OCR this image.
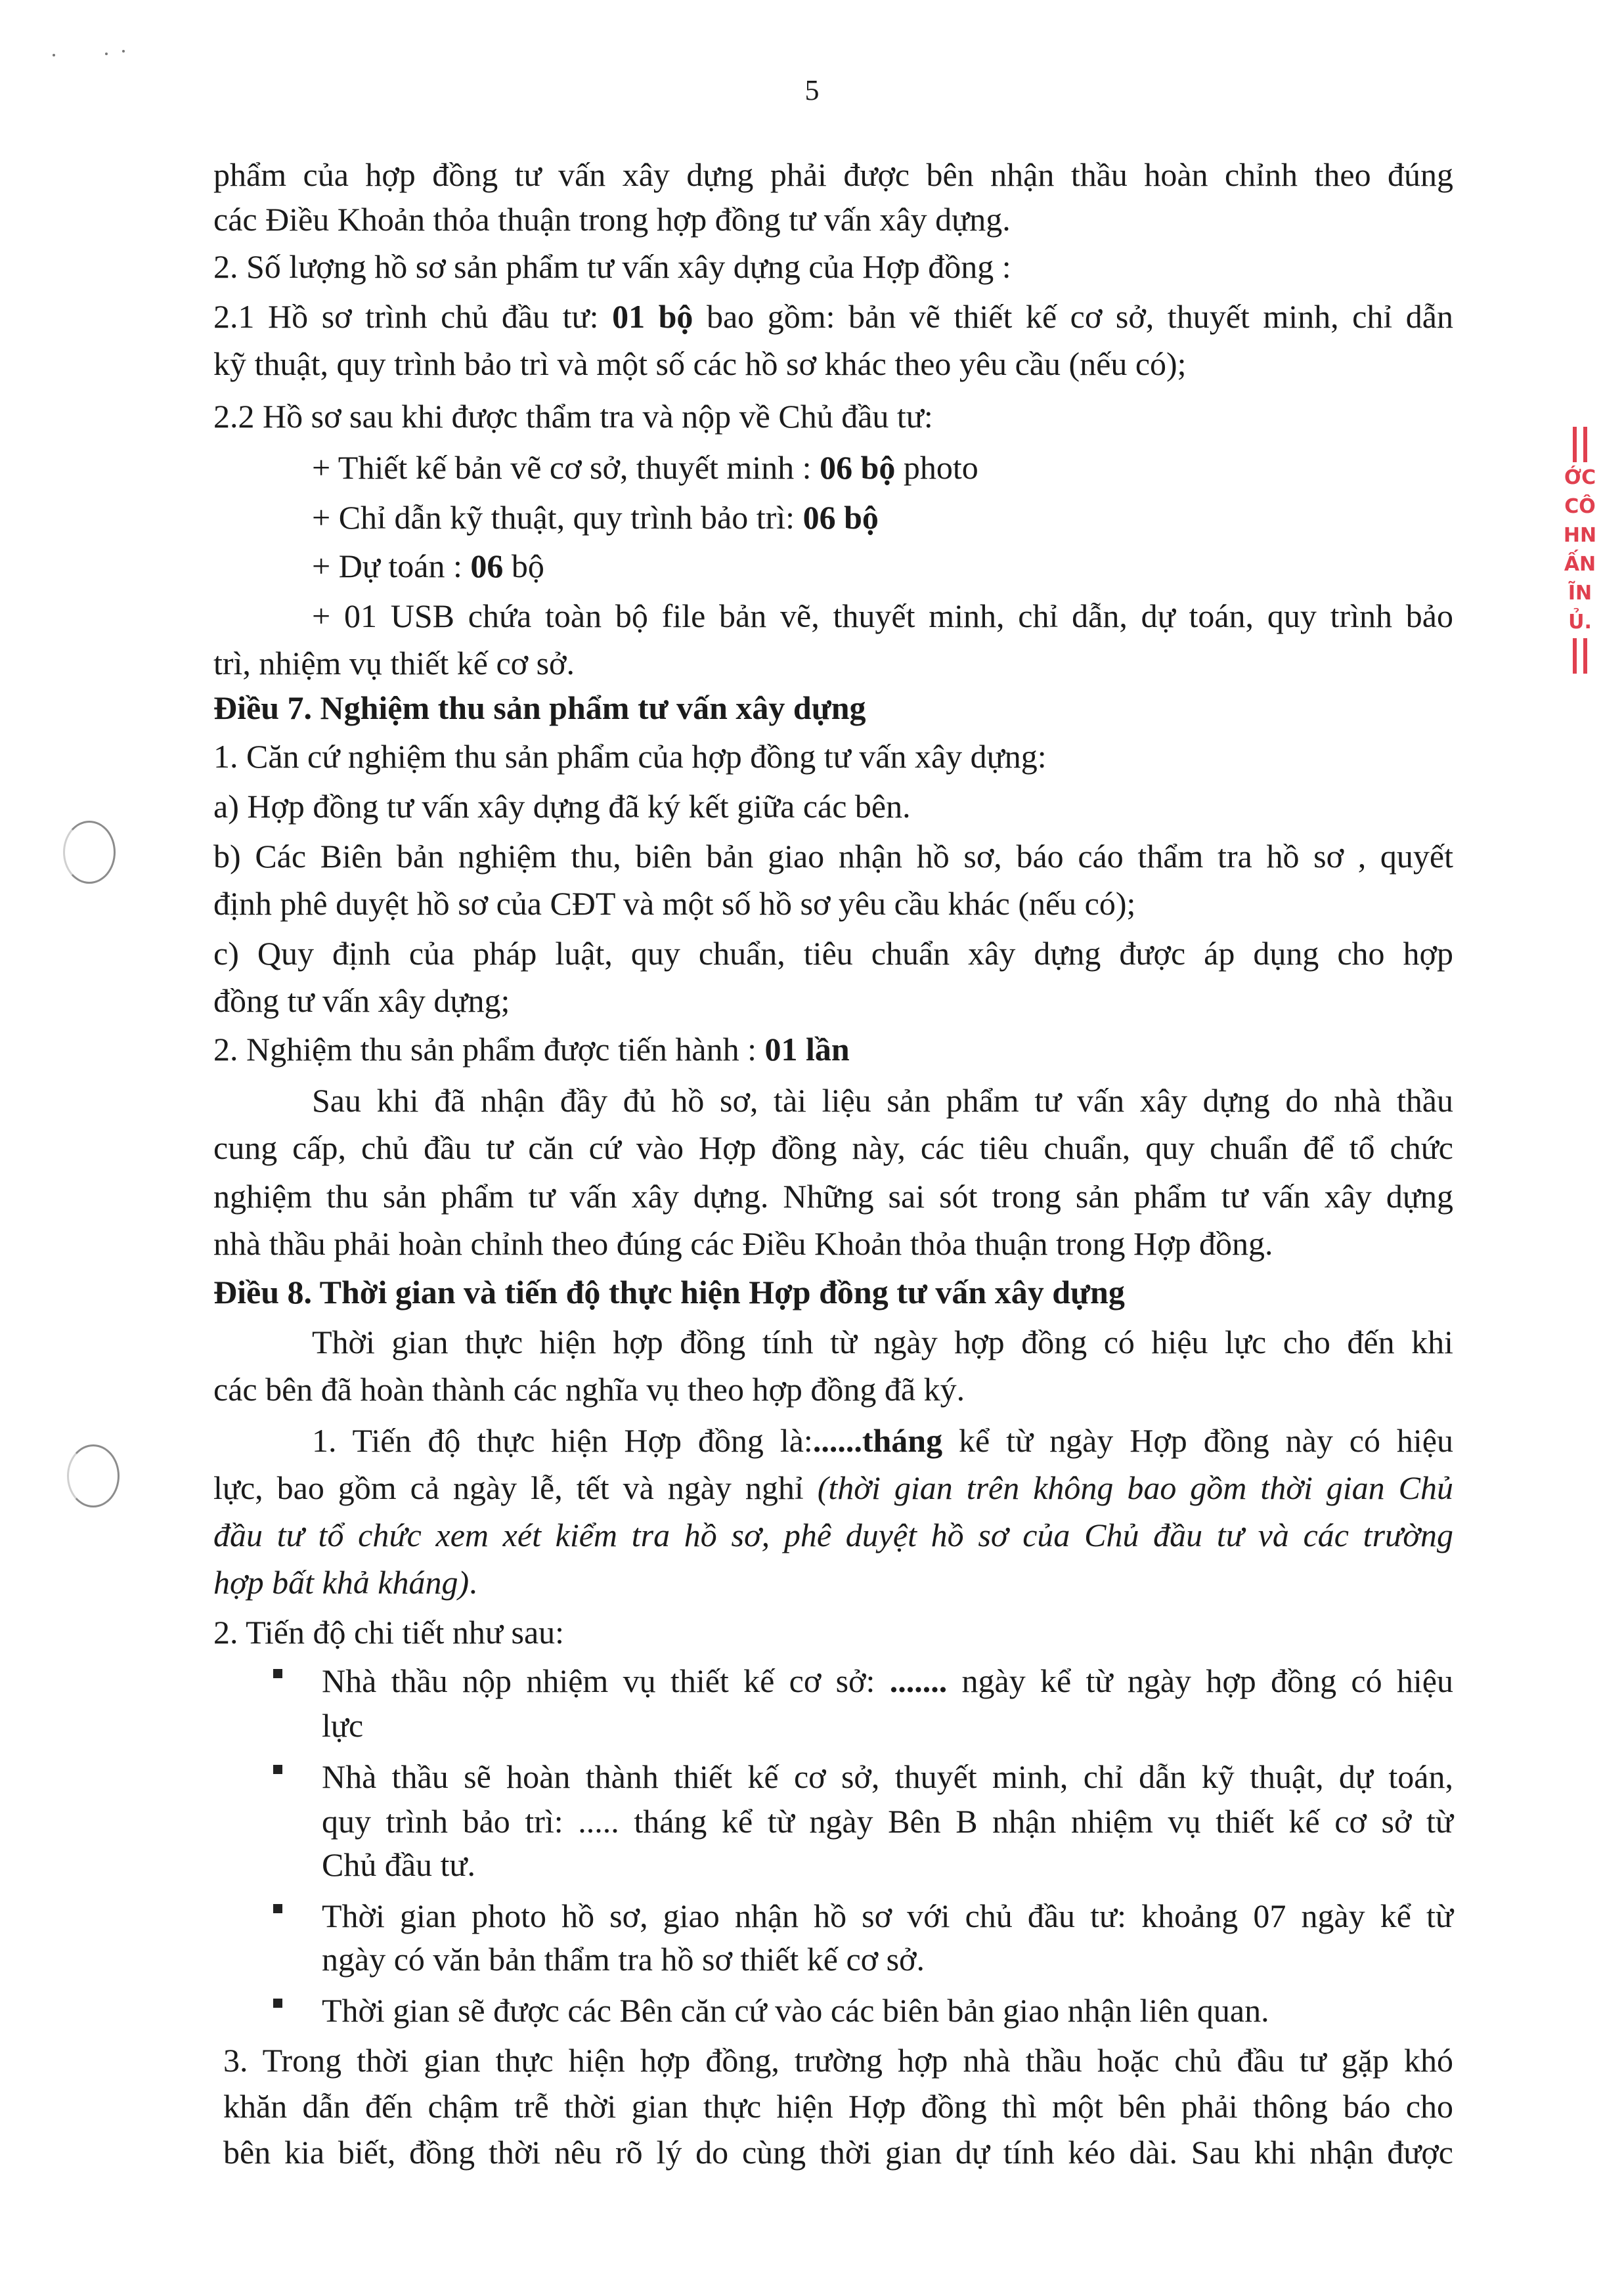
5
ỚC
CÔ
HN
ẤN
ĨN
Ủ.
phẩm của hợp đồng tư vấn xây dựng phải được bên nhận thầu hoàn chỉnh theo đúng
các Điều Khoản thỏa thuận trong hợp đồng tư vấn xây dựng.
2. Số lượng hồ sơ sản phẩm tư vấn xây dựng của Hợp đồng :
2.1 Hồ sơ trình chủ đầu tư: 01 bộ bao gồm: bản vẽ thiết kế cơ sở, thuyết minh, chỉ dẫn
kỹ thuật, quy trình bảo trì và một số các hồ sơ khác theo yêu cầu (nếu có);
2.2 Hồ sơ sau khi được thẩm tra và nộp về Chủ đầu tư:
+ Thiết kế bản vẽ cơ sở, thuyết minh : 06 bộ photo
+ Chỉ dẫn kỹ thuật, quy trình bảo trì: 06 bộ
+ Dự toán : 06 bộ
+ 01 USB chứa toàn bộ file bản vẽ, thuyết minh, chỉ dẫn, dự toán, quy trình bảo
trì, nhiệm vụ thiết kế cơ sở.
Điều 7. Nghiệm thu sản phẩm tư vấn xây dựng
1. Căn cứ nghiệm thu sản phẩm của hợp đồng tư vấn xây dựng:
a) Hợp đồng tư vấn xây dựng đã ký kết giữa các bên.
b) Các Biên bản nghiệm thu, biên bản giao nhận hồ sơ, báo cáo thẩm tra hồ sơ , quyết
định phê duyệt hồ sơ của CĐT và một số hồ sơ yêu cầu khác (nếu có);
c) Quy định của pháp luật, quy chuẩn, tiêu chuẩn xây dựng được áp dụng cho hợp
đồng tư vấn xây dựng;
2. Nghiệm thu sản phẩm được tiến hành : 01 lần
Sau khi đã nhận đầy đủ hồ sơ, tài liệu sản phẩm tư vấn xây dựng do nhà thầu
cung cấp, chủ đầu tư căn cứ vào Hợp đồng này, các tiêu chuẩn, quy chuẩn để tổ chức
nghiệm thu sản phẩm tư vấn xây dựng. Những sai sót trong sản phẩm tư vấn xây dựng
nhà thầu phải hoàn chỉnh theo đúng các Điều Khoản thỏa thuận trong Hợp đồng.
Điều 8. Thời gian và tiến độ thực hiện Hợp đồng tư vấn xây dựng
Thời gian thực hiện hợp đồng tính từ ngày hợp đồng có hiệu lực cho đến khi
các bên đã hoàn thành các nghĩa vụ theo hợp đồng đã ký.
1. Tiến độ thực hiện Hợp đồng là:......tháng kể từ ngày Hợp đồng này có hiệu
lực, bao gồm cả ngày lễ, tết và ngày nghỉ (thời gian trên không bao gồm thời gian Chủ
đầu tư tổ chức xem xét kiểm tra hồ sơ, phê duyệt hồ sơ của Chủ đầu tư và các trường
hợp bất khả kháng).
2. Tiến độ chi tiết như sau:
Nhà thầu nộp nhiệm vụ thiết kế cơ sở: ....... ngày kể từ ngày hợp đồng có hiệu
lực
Nhà thầu sẽ hoàn thành thiết kế cơ sở, thuyết minh, chỉ dẫn kỹ thuật, dự toán,
quy trình bảo trì: ..... tháng kể từ ngày Bên B nhận nhiệm vụ thiết kế cơ sở từ
Chủ đầu tư.
Thời gian photo hồ sơ, giao nhận hồ sơ với chủ đầu tư: khoảng 07 ngày kể từ
ngày có văn bản thẩm tra hồ sơ thiết kế cơ sở.
Thời gian sẽ được các Bên căn cứ vào các biên bản giao nhận liên quan.
3. Trong thời gian thực hiện hợp đồng, trường hợp nhà thầu hoặc chủ đầu tư gặp khó
khăn dẫn đến chậm trễ thời gian thực hiện Hợp đồng thì một bên phải thông báo cho
bên kia biết, đồng thời nêu rõ lý do cùng thời gian dự tính kéo dài. Sau khi nhận được
